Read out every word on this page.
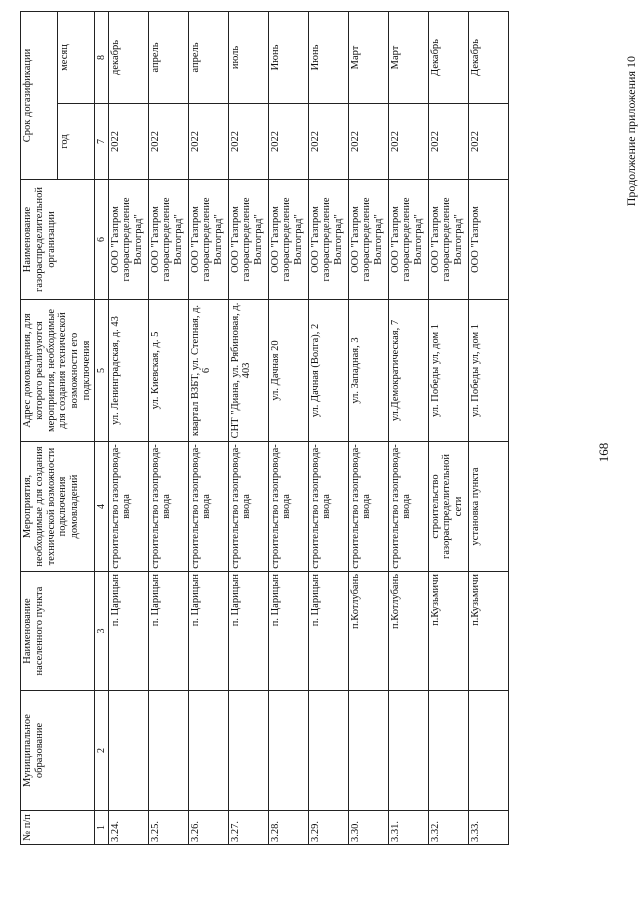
168
Продолжение приложения 10
№ п/п	Муниципальное образование	Наименование населенного пункта	Мероприятия, необходимые для создания технической возможности подключения домовладений	Адрес домовладения, для которого реализуются мероприятия, необходимые для создания технической возможности его подключения	Наименование газораспределительной организации	Срок догазификации	
						год	месяц
1	2	3	4	5	6	7	8
3.24.		п. Царицын	строительство газопровода-ввода	ул. Ленинградская, д. 43	ООО "Газпром газораспределение Волгоград"	2022	декабрь
3.25.		п. Царицын	строительство газопровода-ввода	ул. Киевская, д. 5	ООО "Газпром газораспределение Волгоград"	2022	апрель
3.26.		п. Царицын	строительство газопровода-ввода	квартал ВЗБТ, ул. Степная, д. 6	ООО "Газпром газораспределение Волгоград"	2022	апрель
3.27.		п. Царицын	строительство газопровода-ввода	СНТ "Диана, ул. Рябиновая, д. 403	ООО "Газпром газораспределение Волгоград"	2022	июль
3.28.		п. Царицын	строительство газопровода-ввода	ул. Дачная 20	ООО "Газпром газораспределение Волгоград"	2022	Июнь
3.29.		п. Царицын	строительство газопровода-ввода	ул. Дачная (Волга), 2	ООО "Газпром газораспределение Волгоград"	2022	Июнь
3.30.		п.Котлубань	строительство газопровода-ввода	ул. Западная, 3	ООО "Газпром газораспределение Волгоград"	2022	Март
3.31.		п.Котлубань	строительство газопровода-ввода	ул.Демократическая, 7	ООО "Газпром газораспределение Волгоград"	2022	Март
3.32.		п.Кузьмичи	строительство газораспределительной сети	ул. Победы ул, дом 1	ООО "Газпром газораспределение Волгоград"	2022	Декабрь
3.33.		п.Кузьмичи	установка пункта	ул. Победы ул, дом 1	ООО "Газпром	2022	Декабрь
